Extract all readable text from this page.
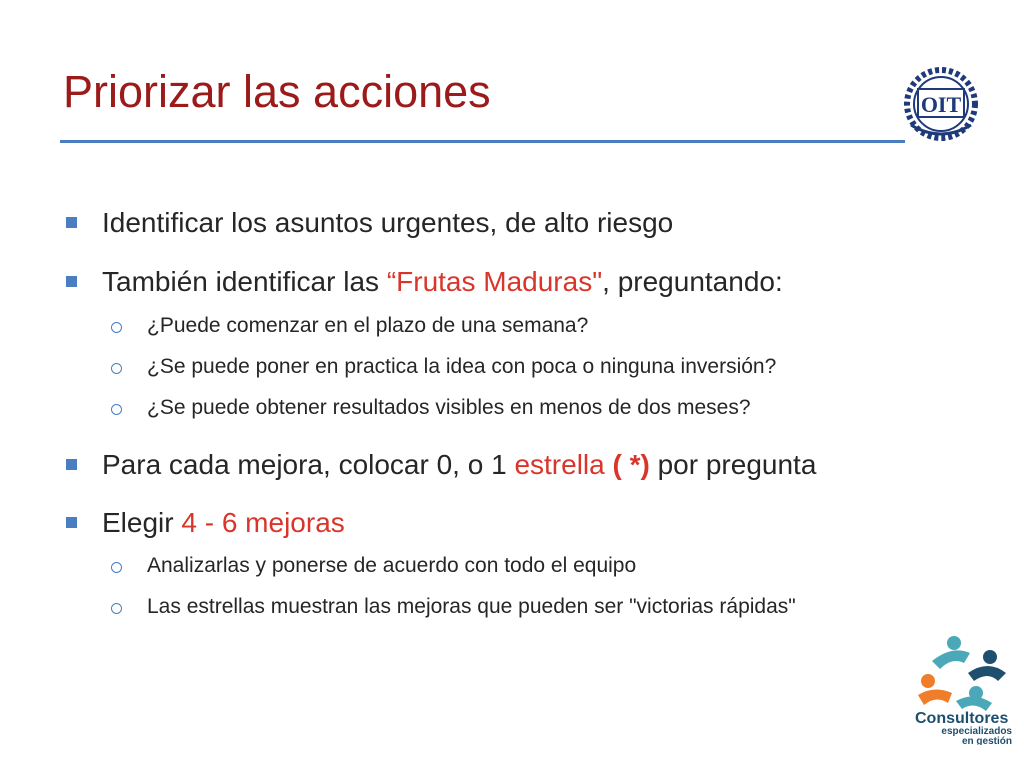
Priorizar las acciones	OIT
Identificar los asuntos urgentes, de alto riesgo
También identificar las “Frutas Maduras", preguntando:
¿Puede comenzar en el plazo de una semana?
¿Se puede poner en practica la idea con poca o ninguna inversión?
¿Se puede obtener resultados visibles en menos de dos meses?
Para cada mejora, colocar 0, o 1 estrella ( *) por pregunta
Elegir 4 - 6 mejoras
Analizarlas y ponerse de acuerdo con todo el equipo
Las estrellas muestran las mejoras que pueden ser "victorias rápidas"
Consultores
especializados
en gestión
